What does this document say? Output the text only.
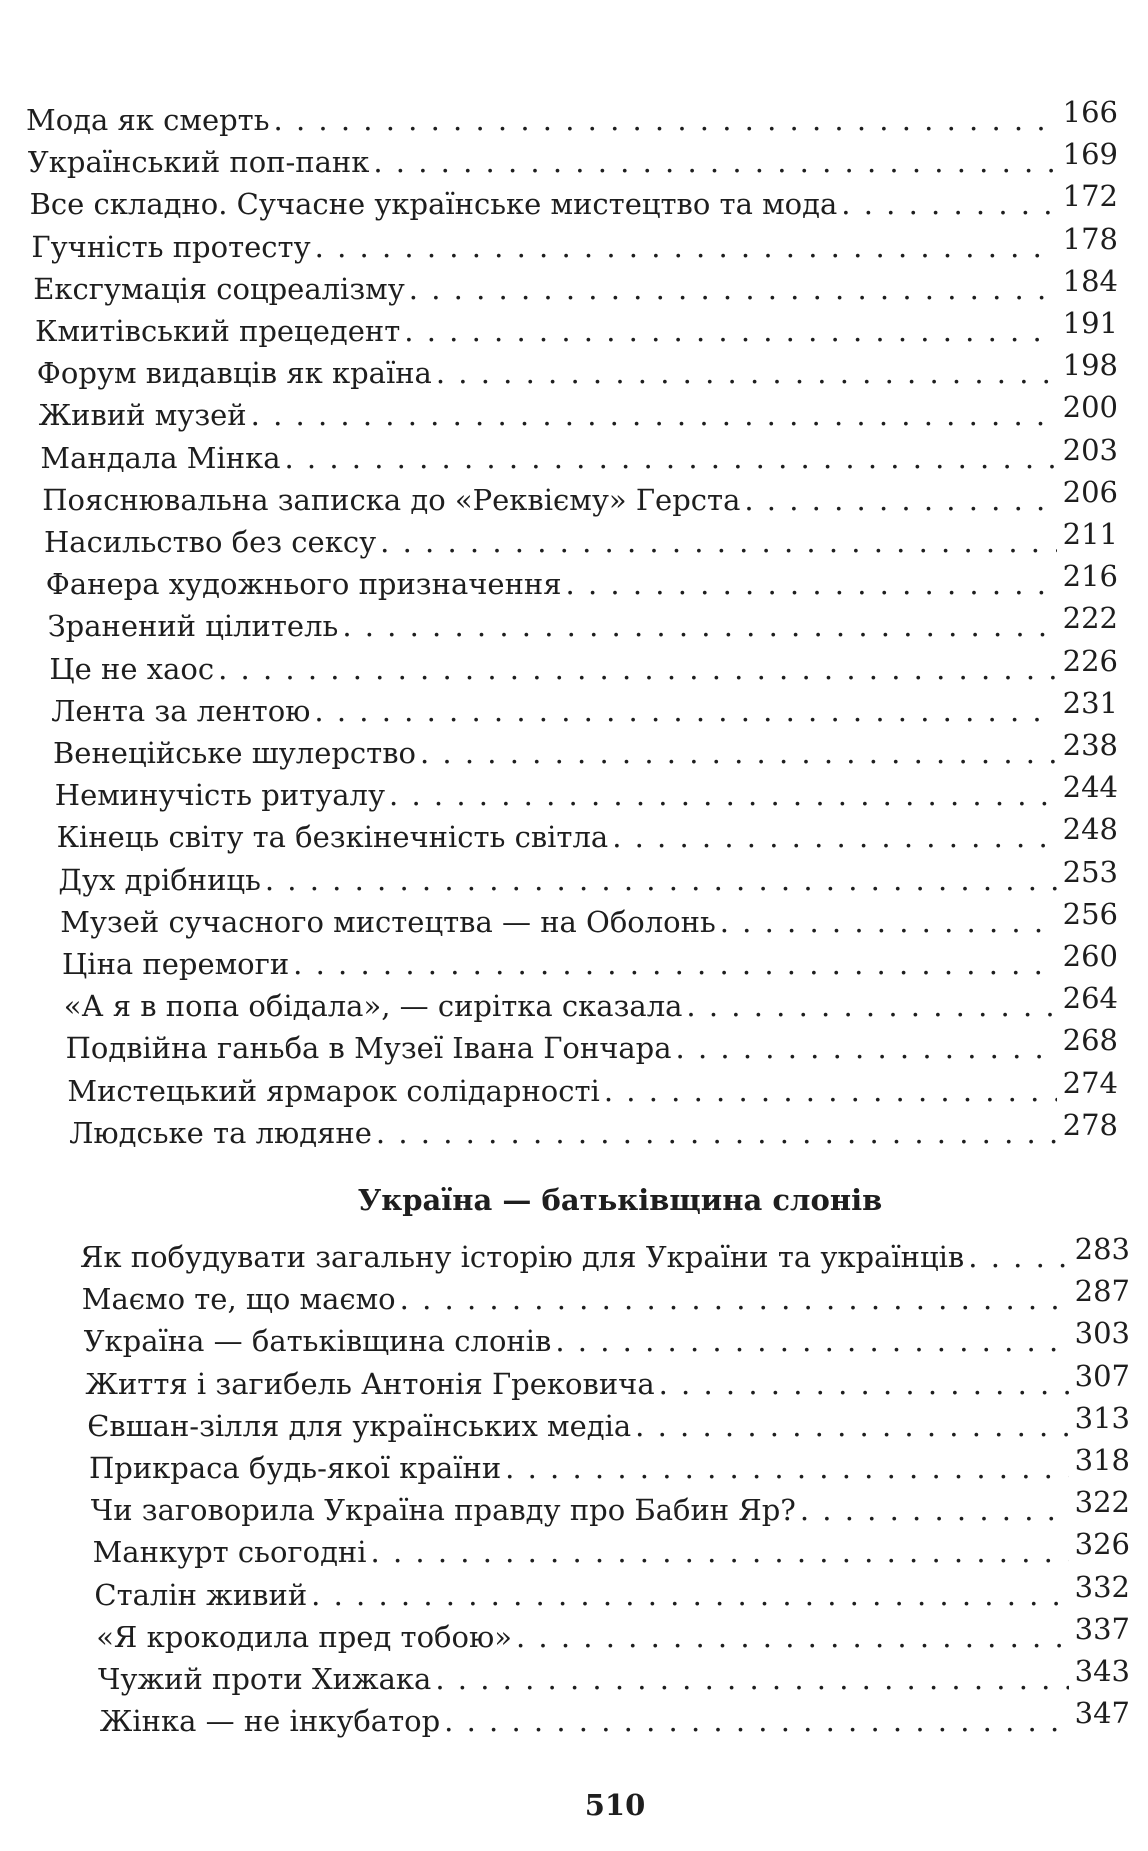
Мода як смерть . . .	166
Український поп-панк . . .	169
Все складно. Сучасне українське мистецтво та мода . . .	172
Гучність протесту . . .	178
Ексгумація соцреалізму . . .	184
Кмитівський прецедент . . .	191
Форум видавців як країна . . .	198
Живий музей . . .	200
Мандала Мінка . . .	203
Пояснювальна записка до «Реквієму» Герста . . .	206
Насильство без сексу . . .	211
Фанера художнього призначення . . .	216
Зранений цілитель . . .	222
Це не хаос . . .	226
Лента за лентою . . .	231
Венеційське шулерство . . .	238
Неминучість ритуалу . . .	244
Кінець світу та безкінечність світла . . .	248
Дух дрібниць . . .	253
Музей сучасного мистецтва — на Оболонь . . .	256
Ціна перемоги . . .	260
«А я в попа обідала», — сирітка сказала . . .	264
Подвійна ганьба в Музеї Івана Гончара . . .	268
Мистецький ярмарок солідарності . . .	274
Людське та людяне . . .	278
Україна — батьківщина слонів
Як побудувати загальну історію для України та українців . . .	283
Маємо те, що маємо . . .	287
Україна — батьківщина слонів . . .	303
Життя і загибель Антонія Грековича . . .	307
Євшан-зілля для українських медіа . . .	313
Прикраса будь-якої країни . . .	318
Чи заговорила Україна правду про Бабин Яр? . . .	322
Манкурт сьогодні . . .	326
Сталін живий . . .	332
«Я крокодила пред тобою» . . .	337
Чужий проти Хижака . . .	343
Жінка — не інкубатор . . .	347
510
